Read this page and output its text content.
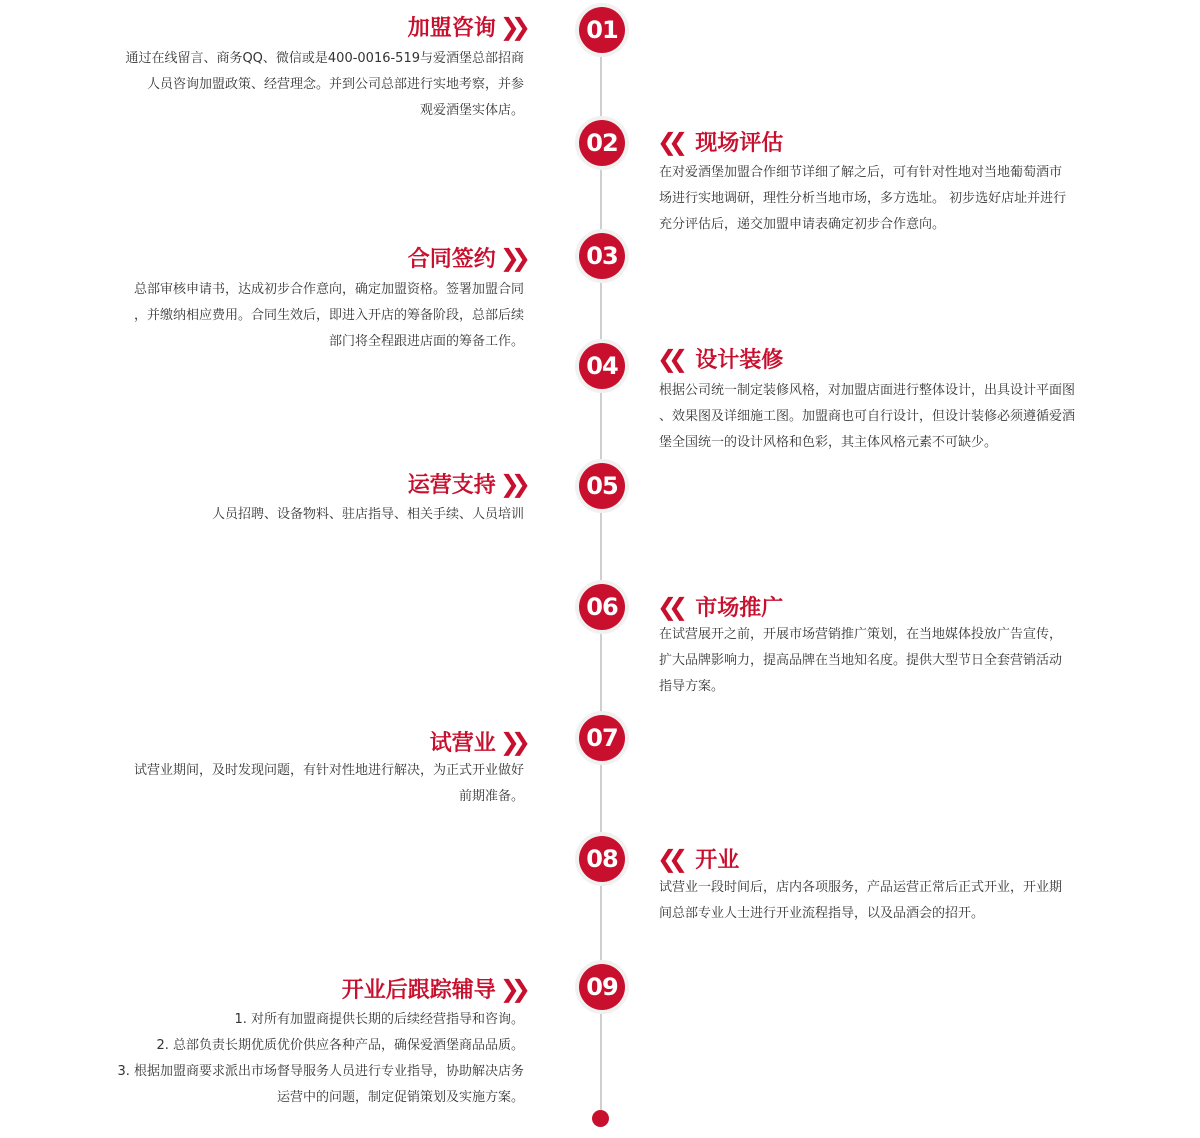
01
加盟咨询 ❯❯

通过在线留言、商务QQ、微信或是400-0016-519与爱酒堡总部招商

人员咨询加盟政策、经营理念。并到公司总部进行实地考察，并参

观爱酒堡实体店。

02	❮❮ 现场评估

在对爱酒堡加盟合作细节详细了解之后，可有针对性地对当地葡萄酒市

场进行实地调研，理性分析当地市场，多方选址。 初步选好店址并进行

充分评估后，递交加盟申请表确定初步合作意向。

03
合同签约 ❯❯

总部审核申请书，达成初步合作意向，确定加盟资格。签署加盟合同

，并缴纳相应费用。合同生效后，即进入开店的筹备阶段，总部后续

部门将全程跟进店面的筹备工作。

04	❮❮ 设计装修

根据公司统一制定装修风格，对加盟店面进行整体设计，出具设计平面图

、效果图及详细施工图。加盟商也可自行设计，但设计装修必须遵循爱酒

堡全国统一的设计风格和色彩，其主体风格元素不可缺少。

05
运营支持 ❯❯

人员招聘、设备物料、驻店指导、相关手续、人员培训

06	❮❮ 市场推广

在试营展开之前，开展市场营销推广策划，在当地媒体投放广告宣传，

扩大品牌影响力，提高品牌在当地知名度。提供大型节日全套营销活动

指导方案。

07
试营业 ❯❯

试营业期间，及时发现问题，有针对性地进行解决，为正式开业做好

前期准备。

08	❮❮ 开业

试营业一段时间后，店内各项服务，产品运营正常后正式开业，开业期

间总部专业人士进行开业流程指导，以及品酒会的招开。

09
开业后跟踪辅导 ❯❯

1. 对所有加盟商提供长期的后续经营指导和咨询。

2. 总部负责长期优质优价供应各种产品，确保爱酒堡商品品质。

3. 根据加盟商要求派出市场督导服务人员进行专业指导，协助解决店务

运营中的问题，制定促销策划及实施方案。
